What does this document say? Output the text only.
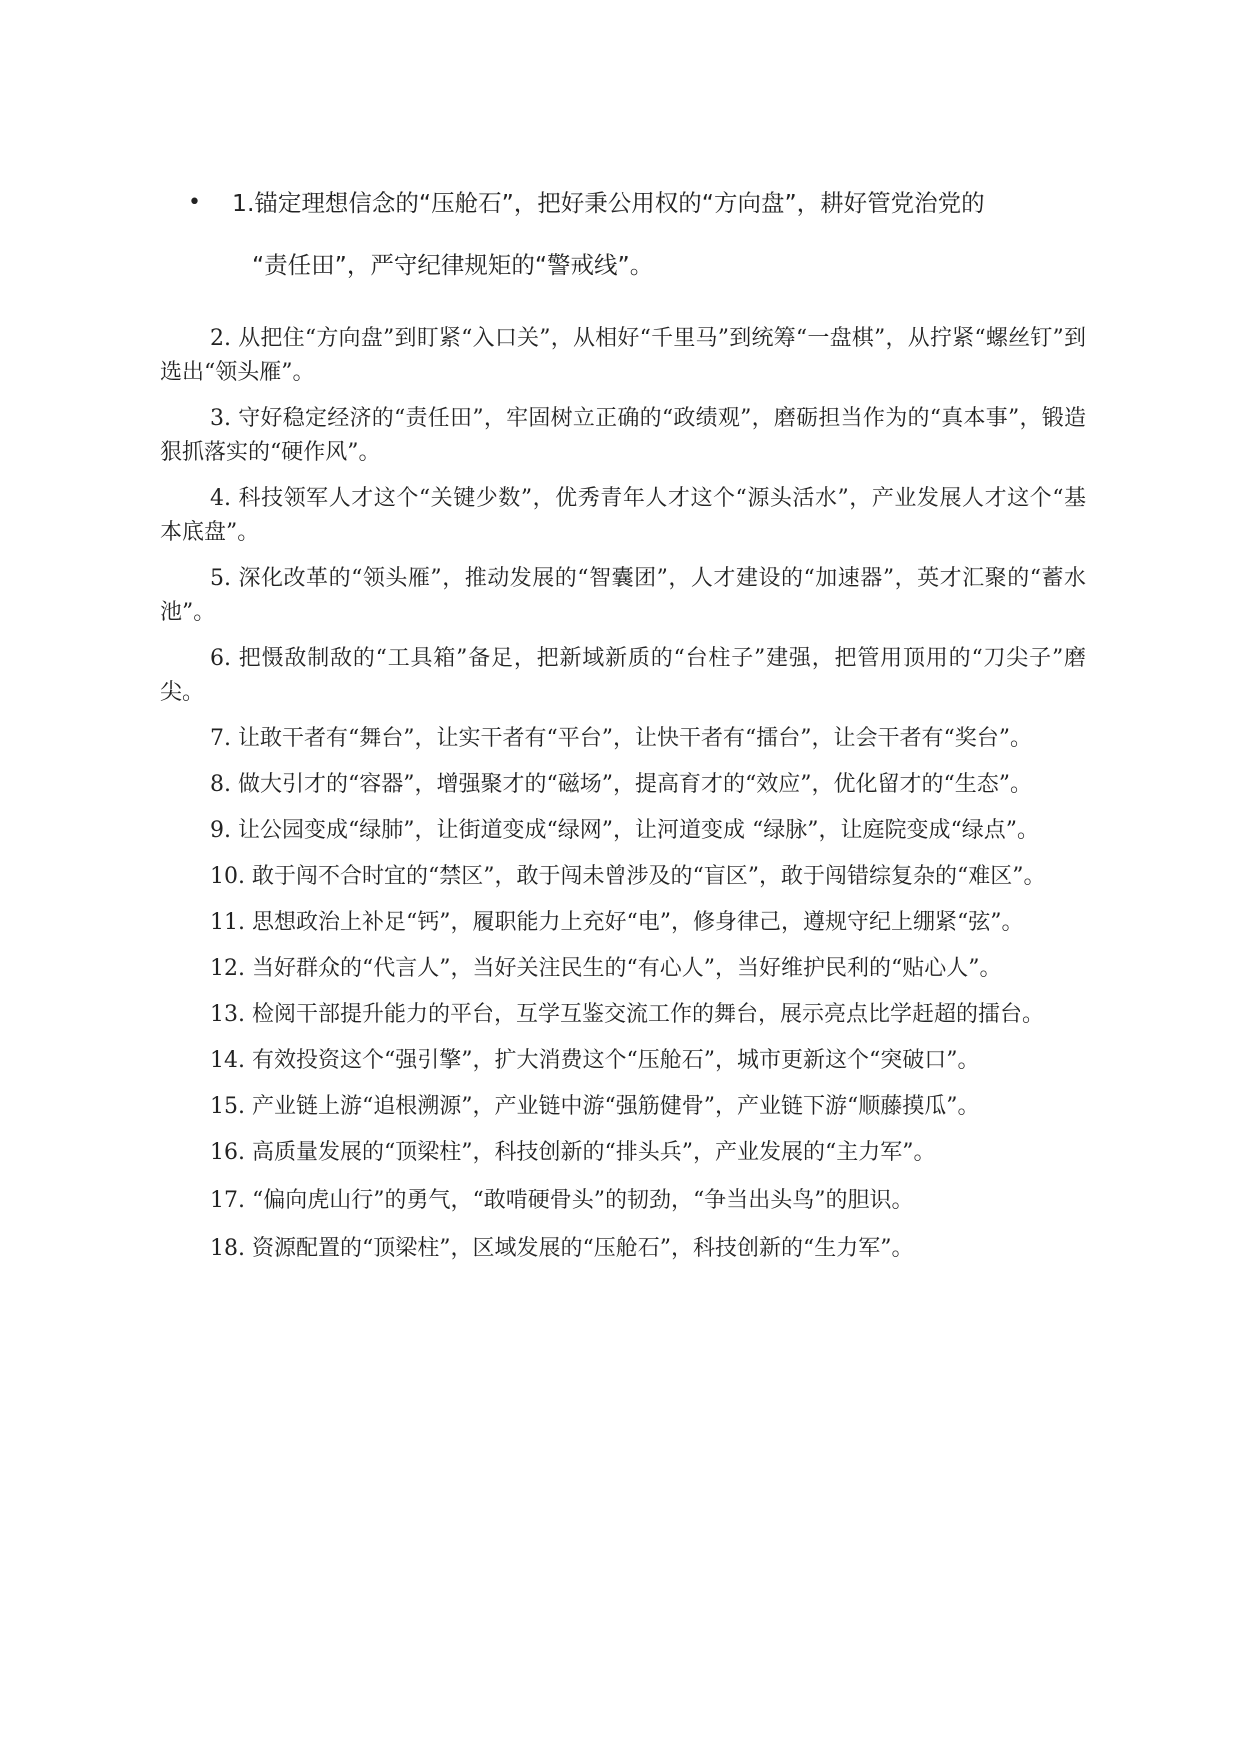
•	1.锚定理想信念的“压舱石”，把好秉公用权的“方向盘”，耕好管党治党的
“责任田”，严守纪律规矩的“警戒线”。

2. 从把住“方向盘”到盯紧“入口关”，从相好“千里马”到统筹“一盘棋”，从拧紧“螺丝钉”到选出“领头雁”。

3. 守好稳定经济的“责任田”，牢固树立正确的“政绩观”，磨砺担当作为的“真本事”，锻造狠抓落实的“硬作风”。

4. 科技领军人才这个“关键少数”，优秀青年人才这个“源头活水”，产业发展人才这个“基本底盘”。

5. 深化改革的“领头雁”，推动发展的“智囊团”，人才建设的“加速器”，英才汇聚的“蓄水池”。

6. 把慑敌制敌的“工具箱”备足，把新域新质的“台柱子”建强，把管用顶用的“刀尖子”磨尖。

7. 让敢干者有“舞台”，让实干者有“平台”，让快干者有“擂台”，让会干者有“奖台”。

8. 做大引才的“容器”，增强聚才的“磁场”，提高育才的“效应”，优化留才的“生态”。

9. 让公园变成“绿肺”，让街道变成“绿网”，让河道变成 “绿脉”，让庭院变成“绿点”。

10. 敢于闯不合时宜的“禁区”，敢于闯未曾涉及的“盲区”，敢于闯错综复杂的“难区”。

11. 思想政治上补足“钙”，履职能力上充好“电”，修身律己，遵规守纪上绷紧“弦”。

12. 当好群众的“代言人”，当好关注民生的“有心人”，当好维护民利的“贴心人”。

13. 检阅干部提升能力的平台，互学互鉴交流工作的舞台，展示亮点比学赶超的擂台。

14. 有效投资这个“强引擎”，扩大消费这个“压舱石”，城市更新这个“突破口”。

15. 产业链上游“追根溯源”，产业链中游“强筋健骨”，产业链下游“顺藤摸瓜”。

16. 高质量发展的“顶梁柱”，科技创新的“排头兵”，产业发展的“主力军”。

17. “偏向虎山行”的勇气，“敢啃硬骨头”的韧劲，“争当出头鸟”的胆识。

18. 资源配置的“顶梁柱”，区域发展的“压舱石”，科技创新的“生力军”。
